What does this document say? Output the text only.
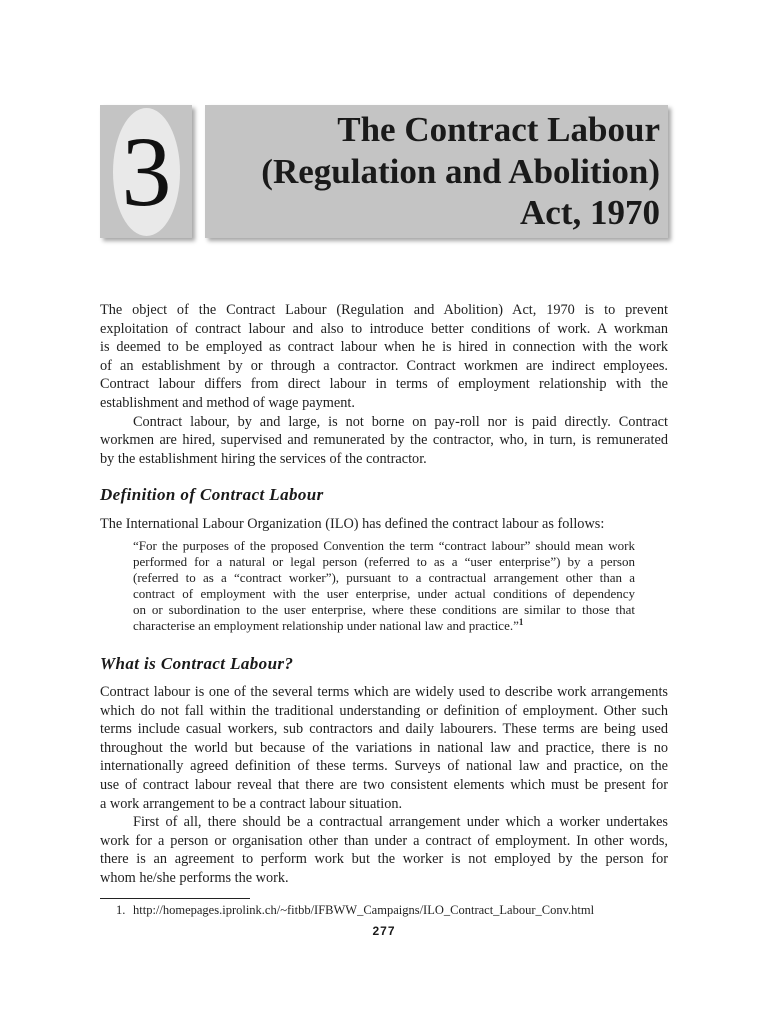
3	The Contract Labour
(Regulation and Abolition)
Act, 1970
The object of the Contract Labour (Regulation and Abolition) Act, 1970 is to prevent
exploitation of contract labour and also to introduce better conditions of work. A workman
is deemed to be employed as contract labour when he is hired in connection with the work
of an establishment by or through a contractor. Contract workmen are indirect employees.
Contract labour differs from direct labour in terms of employment relationship with the
establishment and method of wage payment.
Contract labour, by and large, is not borne on pay-roll nor is paid directly. Contract
workmen are hired, supervised and remunerated by the contractor, who, in turn, is remunerated
by the establishment hiring the services of the contractor.
Definition of Contract Labour
The International Labour Organization (ILO) has defined the contract labour as follows:
“For the purposes of the proposed Convention the term “contract labour” should mean work
performed for a natural or legal person (referred to as a “user enterprise”) by a person
(referred to as a “contract worker”), pursuant to a contractual arrangement other than a
contract of employment with the user enterprise, under actual conditions of dependency
on or subordination to the user enterprise, where these conditions are similar to those that
characterise an employment relationship under national law and practice.”$^1$
What is Contract Labour?
Contract labour is one of the several terms which are widely used to describe work arrangements
which do not fall within the traditional understanding or definition of employment. Other such
terms include casual workers, sub contractors and daily labourers. These terms are being used
throughout the world but because of the variations in national law and practice, there is no
internationally agreed definition of these terms. Surveys of national law and practice, on the
use of contract labour reveal that there are two consistent elements which must be present for
a work arrangement to be a contract labour situation.
First of all, there should be a contractual arrangement under which a worker undertakes
work for a person or organisation other than under a contract of employment. In other words,
there is an agreement to perform work but the worker is not employed by the person for
whom he/she performs the work.
1. http://homepages.iprolink.ch/~fitbb/IFBWW_Campaigns/ILO_Contract_Labour_Conv.html
277
